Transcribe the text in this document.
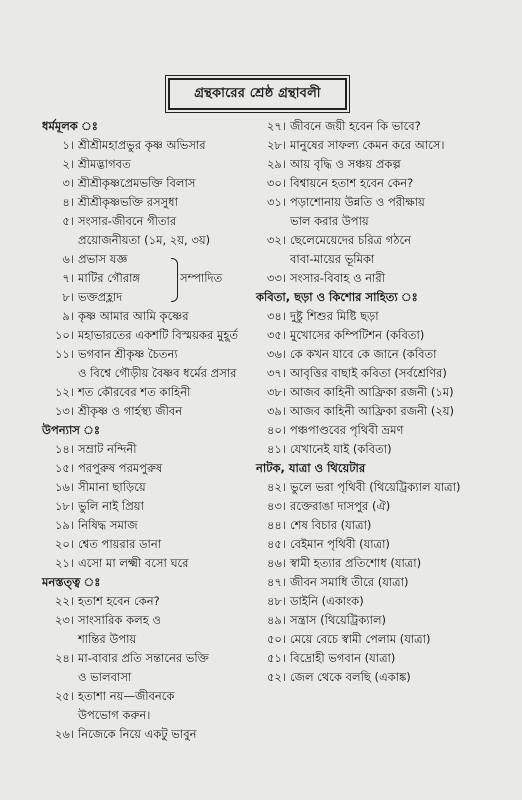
গ্রন্থকারের শ্রেষ্ঠ গ্রন্থাবলী
ধর্মমূলক ঃ
১। শ্রীশ্রীমহাপ্রভুর কৃষ্ণ অভিসার
২। শ্রীমদ্ভাগবত
৩। শ্রীশ্রীকৃষ্ণপ্রেমভক্তি বিলাস
৪। শ্রীশ্রীকৃষ্ণভক্তি রসসুধা
৫। সংসার-জীবনে গীতার
প্রয়োজনীয়তা (১ম, ২য়, ৩য়)
৬। প্রভাস যজ্ঞ
৭। মাটির গৌরাঙ্গ
৮। ভক্তপ্রহ্লাদ
সম্পাদিত
৯। কৃষ্ণ আমার আমি কৃষ্ণের
১০। মহাভারতের একশটি বিস্ময়কর মুহূর্ত
১১। ভগবান শ্রীকৃষ্ণ চৈতন্য
ও বিশ্বে গৌড়ীয় বৈষ্ণব ধর্মের প্রসার
১২। শত কৌরবের শত কাহিনী
১৩। শ্রীকৃষ্ণ ও গার্হস্থ্য জীবন
উপন্যাস ঃ
১৪। সম্রাট নন্দিনী
১৫। পরপুরুষ পরমপুরুষ
১৬। সীমানা ছাড়িয়ে
১৮। ভুলি নাই প্রিয়া
১৯। নিষিদ্ধ সমাজ
২০। শ্বেত পায়রার ডানা
২১। এসো মা লক্ষ্মী বসো ঘরে
মনস্তত্ত্ব ঃ
২২। হতাশ হবেন কেন?
২৩। সাংসারিক কলহ ও
শান্তির উপায়
২৪। মা-বাবার প্রতি সন্তানের ভক্তি
ও ভালবাসা
২৫। হতাশা নয়—জীবনকে
উপভোগ করুন।
২৬। নিজেকে নিয়ে একটু ভাবুন
২৭। জীবনে জয়ী হবেন কি ভাবে?
২৮। মানুষের সাফল্য কেমন করে আসে।
২৯। আয় বৃদ্ধি ও সঞ্চয় প্রকল্প
৩০। বিশ্বায়নে হতাশ হবেন কেন?
৩১। পড়াশোনায় উন্নতি ও পরীক্ষায়
ভাল করার উপায়
৩২। ছেলেমেয়েদের চরিত্র গঠনে
বাবা-মায়ের ভূমিকা
৩৩। সংসার-বিবাহ ও নারী
কবিতা, ছড়া ও কিশোর সাহিত্য ঃ
৩৪। দুষ্টু শিশুর মিষ্টি ছড়া
৩৫। মুখোসের কম্পিটিশন (কবিতা)
৩৬। কে কখন যাবে কে জানে (কবিতা
৩৭। আবৃত্তির বাছাই কবিতা (সর্বশ্রেণির)
৩৮। আজব কাহিনী আফ্রিকা রজনী (১ম)
৩৯। আজব কাহিনী আফ্রিকা রজনী (২য়)
৪০। পঞ্চপাণ্ডবের পৃথিবী ভ্রমণ
৪১। যেখানেই যাই (কবিতা)
নাটক, যাত্রা ও থিয়েটার
৪২। ভুলে ভরা পৃথিবী (থিয়েট্রিক্যাল যাত্রা)
৪৩। রক্তেরাঙা দাসপুর (ঐ)
৪৪। শেষ বিচার (যাত্রা)
৪৫। বেইমান পৃথিবী (যাত্রা)
৪৬। স্বামী হত্যার প্রতিশোধ (যাত্রা)
৪৭। জীবন সমাধি তীরে (যাত্রা)
৪৮। ডাইনি (একাংক)
৪৯। সন্ত্রাস (থিয়েট্রিক্যাল)
৫০। মেয়ে বেচে স্বামী পেলাম (যাত্রা)
৫১। বিদ্রোহী ভগবান (যাত্রা)
৫২। জেল থেকে বলছি (একাঙ্ক)
